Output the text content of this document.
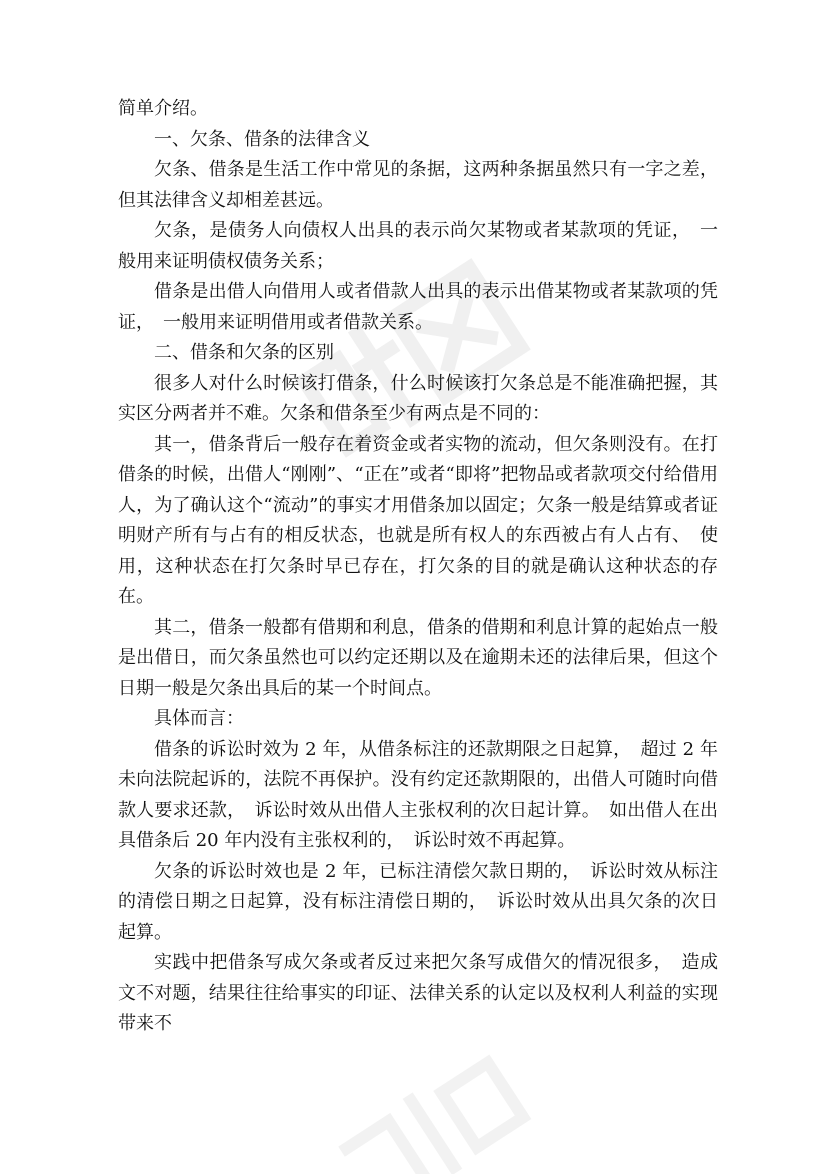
简单介绍。

一、欠条、借条的法律含义

欠条、借条是生活工作中常见的条据，这两种条据虽然只有一字之差，但其法律含义却相差甚远。

欠条，是债务人向债权人出具的表示尚欠某物或者某款项的凭证，　一般用来证明债权债务关系；

借条是出借人向借用人或者借款人出具的表示出借某物或者某款项的凭证，　一般用来证明借用或者借款关系。

二、借条和欠条的区别

很多人对什么时候该打借条，什么时候该打欠条总是不能准确把握，其实区分两者并不难。欠条和借条至少有两点是不同的：

其一，借条背后一般存在着资金或者实物的流动，但欠条则没有。在打借条的时候，出借人“刚刚”、“正在”或者“即将”把物品或者款项交付给借用人，为了确认这个“流动”的事实才用借条加以固定；欠条一般是结算或者证明财产所有与占有的相反状态，也就是所有权人的东西被占有人占有、　使用，这种状态在打欠条时早已存在，打欠条的目的就是确认这种状态的存在。

其二，借条一般都有借期和利息，借条的借期和利息计算的起始点一般是出借日，而欠条虽然也可以约定还期以及在逾期未还的法律后果，但这个日期一般是欠条出具后的某一个时间点。

具体而言：

借条的诉讼时效为 2 年，从借条标注的还款期限之日起算，　超过 2 年未向法院起诉的，法院不再保护。没有约定还款期限的，出借人可随时向借款人要求还款，　诉讼时效从出借人主张权利的次日起计算。　如出借人在出具借条后 20 年内没有主张权利的，　诉讼时效不再起算。

欠条的诉讼时效也是 2 年，已标注清偿欠款日期的，　诉讼时效从标注的清偿日期之日起算，没有标注清偿日期的，　诉讼时效从出具欠条的次日起算。

实践中把借条写成欠条或者反过来把欠条写成借欠的情况很多，　造成文不对题，结果往往给事实的印证、法律关系的认定以及权利人利益的实现带来不
